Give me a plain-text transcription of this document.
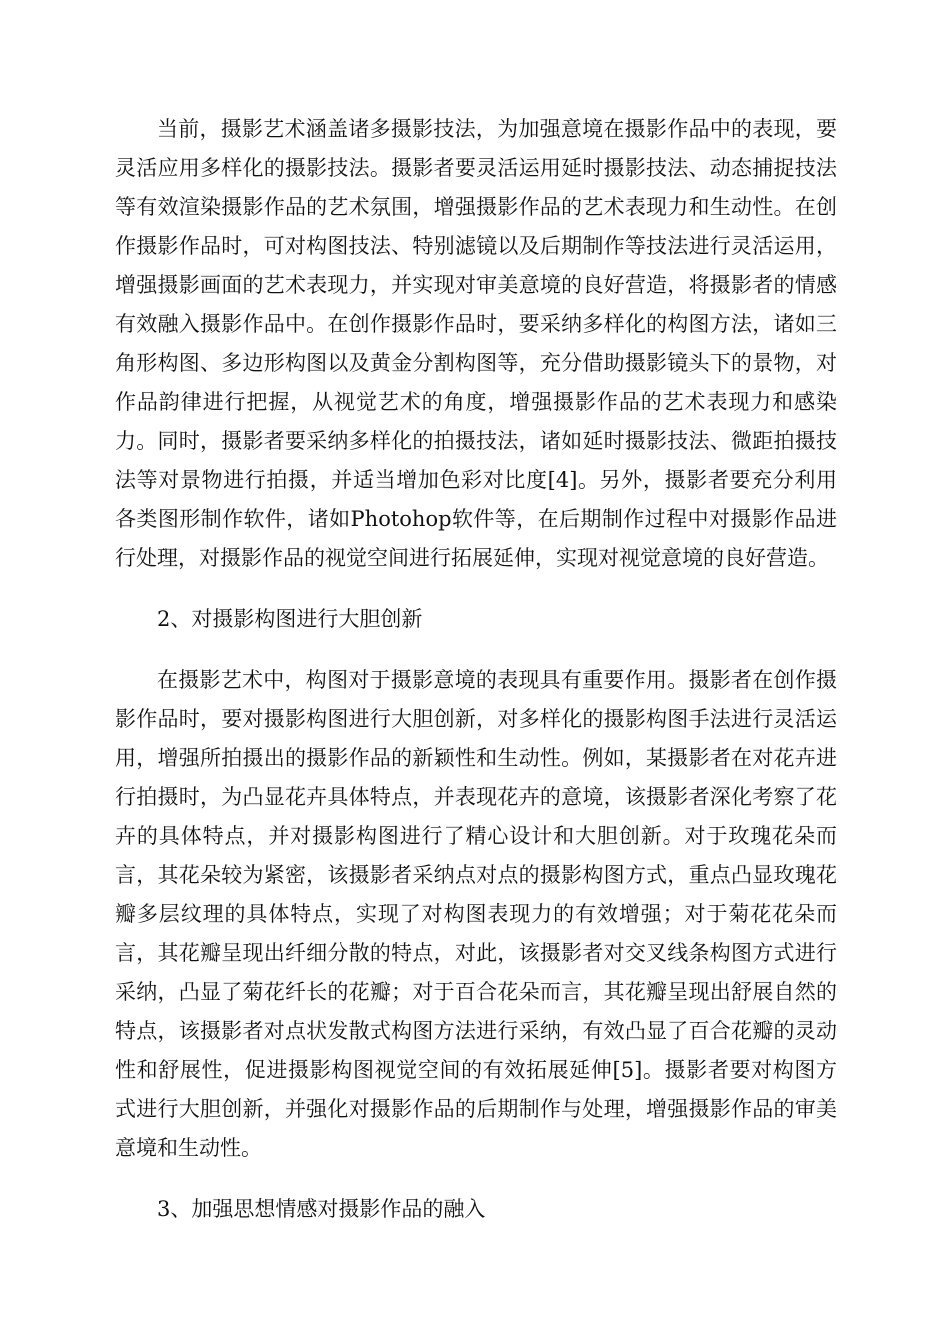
当前，摄影艺术涵盖诸多摄影技法，为加强意境在摄影作品中的表现，要灵活应用多样化的摄影技法。摄影者要灵活运用延时摄影技法、动态捕捉技法等有效渲染摄影作品的艺术氛围，增强摄影作品的艺术表现力和生动性。在创作摄影作品时，可对构图技法、特别滤镜以及后期制作等技法进行灵活运用，增强摄影画面的艺术表现力，并实现对审美意境的良好营造，将摄影者的情感有效融入摄影作品中。在创作摄影作品时，要采纳多样化的构图方法，诸如三角形构图、多边形构图以及黄金分割构图等，充分借助摄影镜头下的景物，对作品韵律进行把握，从视觉艺术的角度，增强摄影作品的艺术表现力和感染力。同时，摄影者要采纳多样化的拍摄技法，诸如延时摄影技法、微距拍摄技法等对景物进行拍摄，并适当增加色彩对比度[4]。另外，摄影者要充分利用各类图形制作软件，诸如Photohop软件等，在后期制作过程中对摄影作品进行处理，对摄影作品的视觉空间进行拓展延伸，实现对视觉意境的良好营造。

2、对摄影构图进行大胆创新

在摄影艺术中，构图对于摄影意境的表现具有重要作用。摄影者在创作摄影作品时，要对摄影构图进行大胆创新，对多样化的摄影构图手法进行灵活运用，增强所拍摄出的摄影作品的新颖性和生动性。例如，某摄影者在对花卉进行拍摄时，为凸显花卉具体特点，并表现花卉的意境，该摄影者深化考察了花卉的具体特点，并对摄影构图进行了精心设计和大胆创新。对于玫瑰花朵而言，其花朵较为紧密，该摄影者采纳点对点的摄影构图方式，重点凸显玫瑰花瓣多层纹理的具体特点，实现了对构图表现力的有效增强；对于菊花花朵而言，其花瓣呈现出纤细分散的特点，对此，该摄影者对交叉线条构图方式进行采纳，凸显了菊花纤长的花瓣；对于百合花朵而言，其花瓣呈现出舒展自然的特点，该摄影者对点状发散式构图方法进行采纳，有效凸显了百合花瓣的灵动性和舒展性，促进摄影构图视觉空间的有效拓展延伸[5]。摄影者要对构图方式进行大胆创新，并强化对摄影作品的后期制作与处理，增强摄影作品的审美意境和生动性。

3、加强思想情感对摄影作品的融入
